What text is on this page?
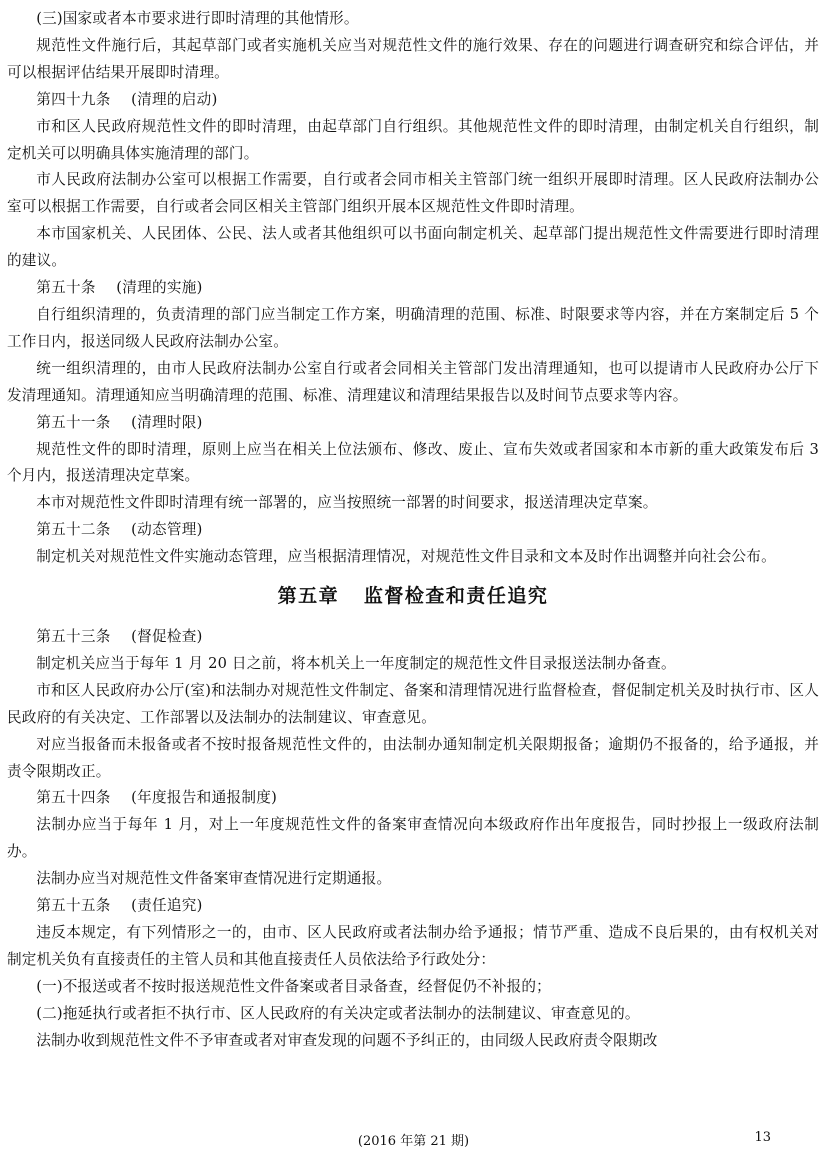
(三)国家或者本市要求进行即时清理的其他情形。

规范性文件施行后，其起草部门或者实施机关应当对规范性文件的施行效果、存在的问题进行调查研究和综合评估，并可以根据评估结果开展即时清理。

第四十九条 (清理的启动)

市和区人民政府规范性文件的即时清理，由起草部门自行组织。其他规范性文件的即时清理，由制定机关自行组织，制定机关可以明确具体实施清理的部门。

市人民政府法制办公室可以根据工作需要，自行或者会同市相关主管部门统一组织开展即时清理。区人民政府法制办公室可以根据工作需要，自行或者会同区相关主管部门组织开展本区规范性文件即时清理。

本市国家机关、人民团体、公民、法人或者其他组织可以书面向制定机关、起草部门提出规范性文件需要进行即时清理的建议。

第五十条 (清理的实施)

自行组织清理的，负责清理的部门应当制定工作方案，明确清理的范围、标准、时限要求等内容，并在方案制定后 5 个工作日内，报送同级人民政府法制办公室。

统一组织清理的，由市人民政府法制办公室自行或者会同相关主管部门发出清理通知，也可以提请市人民政府办公厅下发清理通知。清理通知应当明确清理的范围、标准、清理建议和清理结果报告以及时间节点要求等内容。

第五十一条 (清理时限)

规范性文件的即时清理，原则上应当在相关上位法颁布、修改、废止、宣布失效或者国家和本市新的重大政策发布后 3 个月内，报送清理决定草案。

本市对规范性文件即时清理有统一部署的，应当按照统一部署的时间要求，报送清理决定草案。

第五十二条 (动态管理)

制定机关对规范性文件实施动态管理，应当根据清理情况，对规范性文件目录和文本及时作出调整并向社会公布。

第五章 监督检查和责任追究

第五十三条 (督促检查)

制定机关应当于每年 1 月 20 日之前，将本机关上一年度制定的规范性文件目录报送法制办备查。

市和区人民政府办公厅(室)和法制办对规范性文件制定、备案和清理情况进行监督检查，督促制定机关及时执行市、区人民政府的有关决定、工作部署以及法制办的法制建议、审查意见。

对应当报备而未报备或者不按时报备规范性文件的，由法制办通知制定机关限期报备；逾期仍不报备的，给予通报，并责令限期改正。

第五十四条 (年度报告和通报制度)

法制办应当于每年 1 月，对上一年度规范性文件的备案审查情况向本级政府作出年度报告，同时抄报上一级政府法制办。

法制办应当对规范性文件备案审查情况进行定期通报。

第五十五条 (责任追究)

违反本规定，有下列情形之一的，由市、区人民政府或者法制办给予通报；情节严重、造成不良后果的，由有权机关对制定机关负有直接责任的主管人员和其他直接责任人员依法给予行政处分：

(一)不报送或者不按时报送规范性文件备案或者目录备查，经督促仍不补报的；

(二)拖延执行或者拒不执行市、区人民政府的有关决定或者法制办的法制建议、审查意见的。

法制办收到规范性文件不予审查或者对审查发现的问题不予纠正的，由同级人民政府责令限期改

(2016 年第 21 期)	13
